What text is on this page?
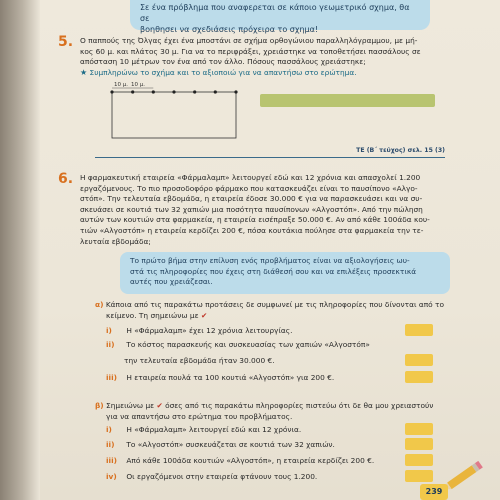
Σε ένα πρόβλημα που αναφερεται σε κάποιο γεωμετρικό σχημα, θα σε
βοηθησει να σχεδιάσεις πρόχειρα το σχημα!
5. Ο παππούς της Όλγας έχει ένα μποστάνι σε σχήμα ορθογώνιου παραλληλόγραμμου, με μή-
κος 60 μ. και πλάτος 30 μ. Για να το περιφράξει, χρειάστηκε να τοποθετήσει πασσάλους σε
απόσταση 10 μέτρων τον ένα από τον άλλο. Πόσους πασσάλους χρειάστηκε;
★ Συμπληρώνω το σχήμα και το αξιοποιώ για να απαντήσω στο ερώτημα.
10 μ. 10 μ.
ΤΕ (Β΄ τεύχος) σελ. 15 (3)
6. Η φαρμακευτική εταιρεία «Φάρμαλαμπ» λειτουργεί εδώ και 12 χρόνια και απασχολεί 1.200
εργαζόμενους. Το πιο προσοδοφόρο φάρμακο που κατασκευάζει είναι το παυσίπονο «Αλγο-
στόπ». Την τελευταία εβδομάδα, η εταιρεία έδοσε 30.000 € για να παρασκευάσει και να συ-
σκευάσει σε κουτιά των 32 χαπιών μια ποσότητα παυσίπονων «Αλγοστόπ». Από την πώληση
αυτών των κουτιών στα φαρμακεία, η εταιρεία εισέπραξε 50.000 €. Αν από κάθε 100άδα κου-
τιών «Αλγοστόπ» η εταιρεία κερδίζει 200 €, πόσα κουτάκια πούλησε στα φαρμακεία την τε-
λευταία εβδομάδα;
Το πρώτο βήμα στην επίλυση ενός προβλήματος είναι να αξιολογήσεις ωυ-
στά τις πληροφορίες που έχεις στη διάθεσή σου και να επιλέξεις προσεκτικά
αυτές που χρειάζεσαι.
α) Κάποια από τις παρακάτω προτάσεις δε συμφωνεί με τις πληροφορίες που δίνονται από το
κείμενο. Τη σημειώνω με ✔
i) Η «Φάρμαλαμπ» έχει 12 χρόνια λειτουργίας.
ii) Το κόστος παρασκευής και συσκευασίας των χαπιών «Αλγοστόπ»
την τελευταία εβδομάδα ήταν 30.000 €.
iii) Η εταιρεία πουλά τα 100 κουτιά «Αλγοστόπ» για 200 €.
β) Σημειώνω με ✔ όσες από τις παρακάτω πληροφορίες πιστεύω ότι δε θα μου χρειαστούν
για να απαντήσω στο ερώτημα του προβλήματος.
i) Η «Φάρμαλαμπ» λειτουργεί εδώ και 12 χρόνια.
ii) Το «Αλγοστόπ» συσκευάζεται σε κουτιά των 32 χαπιών.
iii) Από κάθε 100άδα κουτιών «Αλγοστόπ», η εταιρεία κερδίζει 200 €.
iv) Οι εργαζόμενοι στην εταιρεία φτάνουν τους 1.200.
239
